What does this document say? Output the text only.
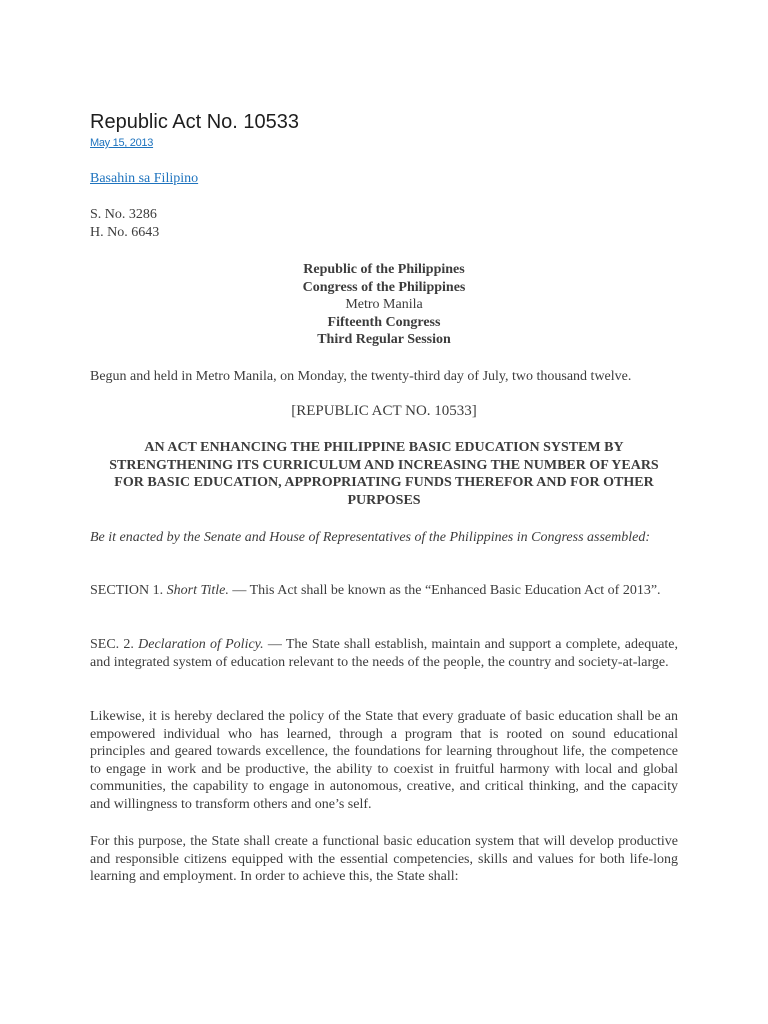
Republic Act No. 10533
May 15, 2013
Basahin sa Filipino
S. No. 3286
H. No. 6643
Republic of the Philippines
Congress of the Philippines
Metro Manila
Fifteenth Congress
Third Regular Session
Begun and held in Metro Manila, on Monday, the twenty-third day of July, two thousand twelve.
[REPUBLIC ACT NO. 10533]
AN ACT ENHANCING THE PHILIPPINE BASIC EDUCATION SYSTEM BY STRENGTHENING ITS CURRICULUM AND INCREASING THE NUMBER OF YEARS FOR BASIC EDUCATION, APPROPRIATING FUNDS THEREFOR AND FOR OTHER PURPOSES
Be it enacted by the Senate and House of Representatives of the Philippines in Congress assembled:
SECTION 1. Short Title. — This Act shall be known as the “Enhanced Basic Education Act of 2013”.
SEC. 2. Declaration of Policy. — The State shall establish, maintain and support a complete, adequate, and integrated system of education relevant to the needs of the people, the country and society-at-large.
Likewise, it is hereby declared the policy of the State that every graduate of basic education shall be an empowered individual who has learned, through a program that is rooted on sound educational principles and geared towards excellence, the foundations for learning throughout life, the competence to engage in work and be productive, the ability to coexist in fruitful harmony with local and global communities, the capability to engage in autonomous, creative, and critical thinking, and the capacity and willingness to transform others and one’s self.
For this purpose, the State shall create a functional basic education system that will develop productive and responsible citizens equipped with the essential competencies, skills and values for both life-long learning and employment. In order to achieve this, the State shall:
